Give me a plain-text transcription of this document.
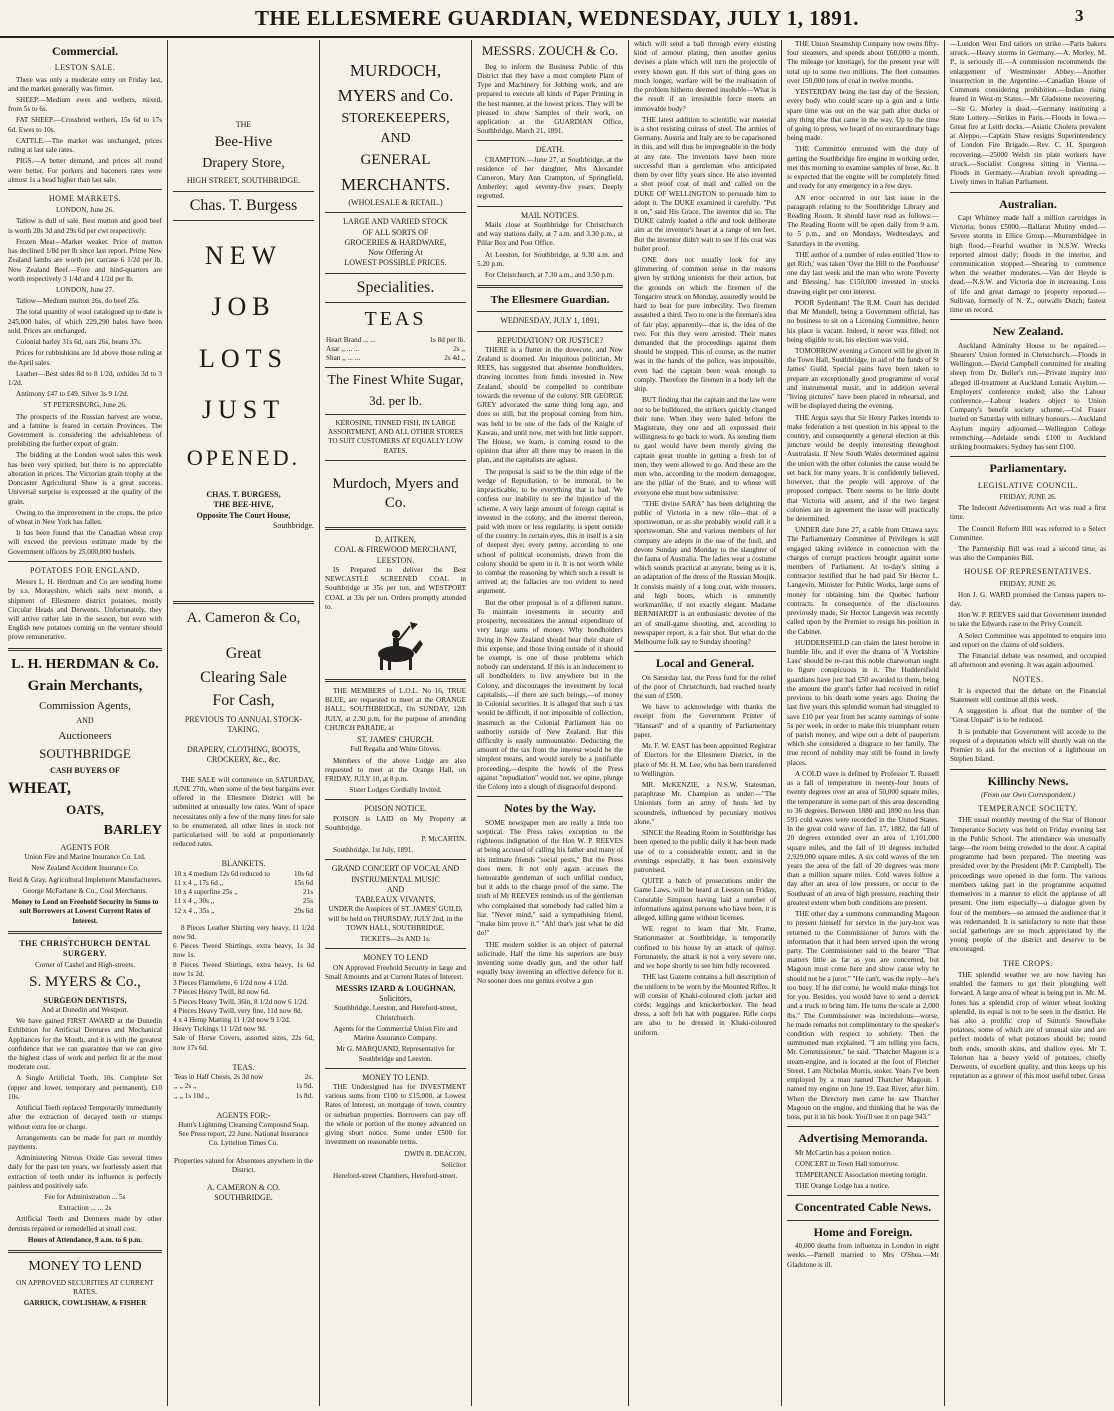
THE ELLESMERE GUARDIAN, WEDNESDAY, JULY 1, 1891.	3
Commercial.
LESTON SALE.

There was only a moderate entry on Friday last, and the market generally was firmer.

SHEEP.—Medium ewes and wethers, mixed, from 5s to 6s.

FAT SHEEP.—Crossbred wethers, 15s 6d to 17s 6d. Ewes to 10s.

CATTLE.—The market was unchanged, prices ruling at last sale rates.

PIGS.—A better demand, and prices all round were better. For porkers and baconers rates were almost 1s a head higher than last sale.

HOME MARKETS.

LONDON, June 26.

Tallow is dull of sale. Best mutton and good beef is worth 28s 3d and 29s 6d per cwt respectively.

Frozen Meat—Market weaker. Price of mutton has declined 1/8d per lb since last report. Prime New Zealand lambs are worth per carcase 6 1/2d per lb. New Zealand Beef.—Fore and hind-quarters are worth respectively 3 1/4d and 4 1/2d per lb.

LONDON, June 27.

Tallow—Medium mutton 26s, do beef 25s.

The total quantity of wool catalogued up to date is 245,000 bales, of which 229,290 bales have been sold. Prices are unchanged.

Colonial barley 31s 6d, oats 26s, beans 37s.

Prices for rubbishkins are 1d above those ruling at the April sales.

Leather—Best sides 8d to 8 1/2d, oxhides 3d to 3 1/2d.

Antimony £47 to £49. Silver 3s 9 1/2d.

ST PETERSBURG, June 26.

The prospects of the Russian harvest are worse, and a famine is feared in certain Provinces. The Government is considering the advisableness of prohibiting the further export of grain.

The bidding at the London wool sales this week has been very spirited; but there is no appreciable alteration in prices. The Victorian grain trophy at the Doncaster Agricultural Show is a great success. Universal surprise is expressed at the quality of the grain.

Owing to the improvement in the crops, the price of wheat in New York has fallen.

It has been found that the Canadian wheat crop will exceed the previous estimate made by the Government officers by 25,000,000 bushels.

POTATOES FOR ENGLAND.

Messrs L. H. Herdman and Co are sending home by s.s. Morayshire, which sails next month, a shipment of Ellesmere district potatoes, mostly Circular Heads and Derwents. Unfortunately, they will arrive rather late in the season, but even with English new potatoes coming on the venture should prove remunerative.

L. H. HERDMAN & Co.
Grain Merchants,
Commission Agents,
AND
Auctioneers
SOUTHBRIDGE
CASH BUYERS OF
WHEAT,
OATS,
BARLEY
AGENTS FOR

Union Fire and Marine Insurance Co. Ltd.

New Zealand Accident Insurance Co.

Reid & Gray, Agricultural Implement Manufacturers.

George McFarlane & Co., Coal Merchants.

Money to Lend on Freehold Security in Sums to suit Borrowers at Lowest Current Rates of Interest.

THE CHRISTCHURCH DENTAL SURGERY.

Corner of Cashel and High-streets.

S. MYERS & Co.,
SURGEON DENTISTS,

And at Dunedin and Westport.

We have gained FIRST AWARD at the Dunedin Exhibition for Artificial Dentures and Mechanical Appliances for the Mouth, and it is with the greatest confidence that we can guarantee that we can give the highest class of work and perfect fit at the most moderate cost.

A Single Artificial Tooth, 10s. Complete Set (upper and lower, temporary and permanent), £10 10s.

Artificial Teeth replaced Temporarily immediately after the extraction of decayed teeth or stumps without extra fee or charge.

Arrangements can be made for part or monthly payments.

Administering Nitrous Oxide Gas several times daily for the past ten years, we fearlessly assert that extraction of teeth under its influence is perfectly painless and positively safe.

Fee for Administration ... 5s

Extraction ... ... 2s

Artificial Teeth and Dentures made by other dentists repaired or remodelled at small cost.

Hours of Attendance, 9 a.m. to 6 p.m.

MONEY TO LEND

ON APPROVED SECURITIES AT CURRENT RATES.

GARRICK, COWLISHAW, & FISHER

THE
Bee-Hive
Drapery Store,
HIGH STREET, SOUTHBRIDGE.
Chas. T. Burgess
NEW
JOB
LOTS
JUST
OPENED.
CHAS. T. BURGESS,
THE BEE-HIVE,
Opposite The Court House,
Southbridge.
A. Cameron & Co,
Great
Clearing Sale
For Cash,
PREVIOUS TO ANNUAL STOCK-TAKING.
DRAPERY, CLOTHING, BOOTS, CROCKERY, &c., &c.

THE SALE will commence on SATURDAY, JUNE 27th, when some of the best bargains ever offered in the Ellesmere District will be submitted at unusually low rates. Want of space necessitates only a few of the many lines for sale to be enumerated, all other lines in stock not particularised will be sold at proportionately reduced rates.

BLANKETS.
10 x 4 medium 12s 6d reduced to	10s 6d
11 x 4 ,, 17s 6d ,,	15s 6d
10 x 4 superfine 25s ,,	21s
11 x 4 ,, 30s ,,	25s
12 x 4 ,, 35s ,,	29s 6d

8 Pieces Leather Shirting very heavy, 11 1/2d now 9d.
6 Pieces Tweed Shirtings, extra heavy, 1s 3d now 1s.
8 Pieces Tweed Shirtings, extra heavy, 1s 6d now 1s 2d.
3 Pieces Flannelette, 6 1/2d now 4 1/2d.
7 Pieces Heavy Twill, 8d now 6d.
5 Pieces Heavy Twill, 36in, 8 1/2d now 6 1/2d.
4 Pieces Heavy Twill, very fine, 11d now 8d.
4 x 4 Hemp Matting 11 1/2d now 9 1/2d.
Heavy Tickings 11 1/2d now 9d.
Sale of Horse Covers, assorted sizes, 22s 6d, now 17s 6d.

TEAS.
Teas in Half Chests, 2s 3d now	2s.
,, ,, 2s ,,	1s 9d.
,, ,, 1s 10d ,,	1s 8d.
AGENTS FOR:-

Hunt's Lightning Cleansing Compound Soap. See Press report, 22 June. National Insurance Co. Lyttelton Times Co.

Properties valued for Absentees anywhere in the District.

A. CAMERON & CO.
SOUTHBRIDGE.
MURDOCH,
MYERS and Co.
STOREKEEPERS,
AND
GENERAL
MERCHANTS.
(WHOLESALE & RETAIL.)
LARGE AND VARIED STOCK
OF ALL SORTS OF
GROCERIES & HARDWARE,
Now Offering At
LOWEST POSSIBLE PRICES.
Specialities.
TEAS
Heart Brand ... ...	1s 8d per lb.
Asar ,, ... ...	2s ,,
Shan ,, ... ...	2s 4d ,,
The Finest White Sugar,
3d. per lb.

KEROSINE, TINNED FISH, IN LARGE ASSORTMENT, AND ALL OTHER STORES TO SUIT CUSTOMERS AT EQUALLY LOW RATES.

Murdoch, Myers and Co.
D. AITKEN,
COAL & FIREWOOD MERCHANT,
LEESTON.

IS Prepared to deliver the Best NEWCASTLE SCREENED COAL in Southbridge at 35s per ton, and WESTPORT COAL at 33s per ton. Orders promptly attended to.

THE MEMBERS of L.O.L. No 16, TRUE BLUE, are requested to meet at the ORANGE HALL, SOUTHBRIDGE, On SUNDAY, 12th JULY, at 2.30 p.m. for the purpose of attending CHURCH PARADE, at

ST. JAMES' CHURCH.

Full Regalia and White Gloves.

Members of the above Lodge are also requested to meet at the Orange Hall, on FRIDAY, JULY 10, at 8 p.m.

Sister Lodges Cordially Invited.

POISON NOTICE.

POISON is LAID on My Property at Southbridge.

P. McCARTIN.

Southbridge, 1st July, 1891.

GRAND CONCERT OF VOCAL AND INSTRUMENTAL MUSIC
AND
TABLEAUX VIVANTS,

UNDER the Auspices of ST. JAMES' GUILD, will be held on THURSDAY, JULY 2nd, in the TOWN HALL, SOUTHBRIDGE.

TICKETS—2s AND 1s.

MONEY TO LEND

ON Approved Freehold Security in large and Small Amounts and at Current Rates of Interest.

MESSRS IZARD & LOUGHNAN,
Solicitors,

Southbridge, Leeston, and Hereford-street, Christchurch.

Agents for the Commercial Union Fire and Marine Assurance Company.

Mr G. MARQUAND, Representative for Southbridge and Leeston.

MONEY TO LEND.

THE Undersigned has for INVESTMENT various sums from £100 to £15,000, at Lowest Rates of Interest, on mortgage of town, country or suburban properties. Borrowers can pay off the whole or portion of the money advanced on giving short notice. Some under £500 for investment on reasonable terms.

DWIN R. DEACON,

Solicitor

Hereford-street Chambers, Hereford-street.

MESSRS. ZOUCH & Co.

Beg to inform the Business Public of this District that they have a most complete Plant of Type and Machinery for Jobbing work, and are prepared to execute all kinds of Paper Printing in the best manner, at the lowest prices. They will be pleased to show Samples of their work, on application at the GUARDIAN Office, Southbridge, March 21, 1891.

DEATH.

CRAMPTON.—June 27, at Southbridge, at the residence of her daughter, Mrs Alexander Cameron, Mary Ann Crampton, of Springfield, Amberley; aged seventy-five years. Deeply regretted.

MAIL NOTICES.

Mails close at Southbridge for Christchurch and way stations daily, at 7 a.m. and 3.30 p.m., at Pillar Box and Post Office.

At Leeston, for Southbridge, at 9.30 a.m. and 5.20 p.m.

For Christchurch, at 7.30 a.m., and 3.50 p.m.

The Ellesmere Guardian.
WEDNESDAY, JULY 1, 1891.
REPUDIATION? OR JUSTICE?

THERE is a flutter in the dovecote, and New Zealand is doomed. An iniquitous politician, Mr REES, has suggested that absentee bondholders, drawing incomes from funds invested in New Zealand, should be compelled to contribute towards the revenue of the colony. SIR GEORGE GREY advocated the same thing long ago, and does so still, but the proposal coming from him, was held to be one of the fads of the Knight of Kawau, and until now, met with but little support. The House, we learn, is coming round to the opinion that after all there may be reason in the plan, and the capitalists are aghast.

The proposal is said to be the thin edge of the wedge of Repudiation, to be immoral, to be impracticable, to be everything that is bad. We confess our inability to see the injustice of the scheme. A very large amount of foreign capital is invested in the colony, and the interest thereon, paid with more or less regularity, is spent outside of the country. In certain eyes, this in itself is a sin of deepest dye; every penny, according to one school of political economists, drawn from the colony should be spent in it. It is not worth while to combat the reasoning by which such a result is arrived at; the fallacies are too evident to need argument.

But the other proposal is of a different nature. To maintain investments in security and prosperity, necessitates the annual expenditure of very large sums of money. Why bondholders living in New Zealand should bear their share of this expense, and those living outside of it should be exempt, is one of those problems which nobody can understand. If this is an inducement to all bondholders to live anywhere but in the Colony, and discourages the investment by local capitalists,—if there are such beings,—of money in Colonial securities. It is alleged that such a tax would be difficult, if not impossible of collection, inasmuch as the Colonial Parliament has no authority outside of New Zealand. But this difficulty is easily surmountable. Deducting the amount of the tax from the interest would be the simplest means, and would surely be a justifiable proceeding,—despite the howls of the Press against "repudiation" would not, we opine, plunge the Colony into a slough of disgraceful despond.

Notes by the Way.

SOME newspaper men are really a little too sceptical. The Press takes exception to the righteous indignation of the Hon W. P. REEVES at being accused of calling his father and many of his intimate friends "social pests," But the Press does mere. It not only again accuses the honourable gentleman of such unfilial conduct, but it adds to the charge proof of the same. The truth of Mr REEVES reminds us of the gentleman who complained that somebody had called him a liar. "Never mind," said a sympathising friend, "make him prove it." "Ah! that's just what he did do!"

THE modern soldier is an object of paternal solicitude. Half the time his superiors are busy inventing some deadly gun, and the other half equally busy inventing an effective defence for it. No sooner does one genius evolve a gun

which will send a ball through every existing kind of armour plating, then another genius devises a plate which will turn the projectile of every known gun. If this sort of thing goes on much longer, warfare will be the realisation of the problem hitherto deemed insoluble—What is the result if an irresistible force meets an immovable body?

THE latest addition to scientific war material is a shot resisting cuirass of steel. The armies of Germany, Austria and Italy are to be caparisoned in this, and will thus be impregnable in the body at any rate. The inventors have been more successful than a gentleman who anticipated them by over fifty years since. He also invented a shot proof coat of mail and called on the DUKE OF WELLINGTON to persuade him to adopt it. The DUKE examined it carefully. "Put it on," said His Grace. The inventor did so. The DUKE calmly loaded a rifle and took deliberate aim at the inventor's heart at a range of ten feet. But the inventor didn't wait to see if his coat was bullet proof.

ONE does not usually look for any glimmering of common sense in the reasons given by striking unionists for their action, but the grounds on which the firemen of the Tongariro struck on Monday, assuredly would be hard to beat for pure imbecility. Two firemen assaulted a third. Two to one is the fireman's idea of fair play, apparently—that is, the idea of the two. For this they were arrested. Their mates demanded that the proceedings against them should be stopped. This of course, as the matter was in the hands of the police, was impossible, even had the captain been weak enough to comply. Therefore the firemen in a body left the ship.

BUT finding that the captain and the law were not to be bulldozed, the strikers quickly changed their tune. When they were haled before the Magistrate, they one and all expressed their willingness to go back to work. As sending them to gaol would have been merely giving the captain great trouble in getting a fresh lot of men, they were allowed to go. And these are the men who, according to the modern demagogue, are the pillar of the State, and to whose will everyone else must bow submissive.

"THE divine SARA" has been delighting the public of Victoria in a new rôle—that of a sportswoman, or as she probably would call it a sportswoman. She and various members of her company are adepts in the use of the fusil, and devote Sunday and Monday to the slaughter of the fauna of Australia. The ladies wear a costume which sounds practical at anyrate, being as it is, an adaptation of the dress of the Russian Moujik. It consists mainly of a long coat, wide trousers, and high boots, which is eminently workmanlike, if not exactly elegant. Madame BERNHARDT is an enthusiastic devotee of the art of small-game shooting, and, according to newspaper report, is a fair shot. But what do the Melbourne folk say to Sunday shooting?

Local and General.

On Saturday last, the Press fund for the relief of the poor of Christchurch, had reached nearly the sum of £500.

We have to acknowledge with thanks the receipt from the Government Printer of "Hansard" and of a quantity of Parliamentary paper.

Mr. F. W. EAST has been appointed Registrar of Electors for the Ellesmere District, in the place of Mr. H. M. Lee, who has been transferred to Wellington.

MR. McKENZIE, a N.S.W. Statesman, paraphrase Mr. Champion as under:—"The Unionists form an army of hosts led by scoundrels, influenced by pecuniary motives alone."

SINCE the Reading Room in Southbridge has been opened to the public daily it has been made use of to a considerable extent, and in the evenings especially, it has been extensively patronised.

QUITE a batch of prosecutions under the Game Laws, will be heard at Leeston on Friday, Constable Simpson having laid a number of informations against persons who have been, it is alleged, killing game without licenses.

WE regret to learn that Mr. Frame, Stationmaster at Southbridge, is temporarily confined to his house by an attack of quinsy. Fortunately, the attack is not a very severe one, and we hope shortly to see him fully recovered.

THE last Gazette contains a full description of the uniform to be worn by the Mounted Rifles. It will consist of Khaki-coloured cloth jacket and cords; leggings and knickerbocker. The head dress, a soft felt hat with puggaree. Rifle corps are also to be dressed in Khaki-coloured uniform.

THE Union Steamship Company now owns fifty-four steamers, and spends about £60,000 a month. The mileage (or knottage), for the present year will total up to some two millions. The fleet consumes over 150,000 tons of coal in twelve months.

YESTERDAY being the last day of the Session, every body who could scare up a gun and a little spare time was out on the war path after ducks or any thing else that came in the way. Up to the time of going to press, we heard of no extraordinary bags being made.

THE Committee entrusted with the duty of getting the Southbridge fire engine in working order, met this morning to examine samples of hose, &c. It is expected that the engine will be completely fitted and ready for any emergency in a few days.

AN error occurred in our last issue in the paragraph relating to the Southbridge Library and Reading Room. It should have read as follows:—The Reading Room will be open daily from 9 a.m. to 5 p.m., and on Mondays, Wednesdays, and Saturdays in the evening.

THE author of a number of rules entitled 'How to get Rich,' was taken 'Over the Hill to the Poorhouse' one day last week and the man who wrote 'Poverty and Blessing,' has £150,000 invested in stocks drawing eight per cent interest.

POOR Sydenham! The R.M. Court has decided that Mr Mundell, being a Government official, has no business to sit on a Licensing Committee, hence his place is vacant. Indeed, it never was filled; not being eligible to sit, his election was void.

TOMORROW evening a Concert will be given in the Town Hall, Southbridge, in aid of the funds of St James' Guild. Special pains have been taken to prepare an exceptionally good programme of vocal and instrumental music, and in addition several "living pictures" have been placed in rehearsal, and will be displayed during the evening.

THE Argus says that Sir Henry Parkes intends to make federation a test question in his appeal to the country, and consequently a general election at this juncture would be deeply interesting throughout Australasia. If New South Wales determined against the union with the other colonies the cause would be set back for many years. It is confidently believed, however, that the people will approve of the proposed compact. There seems to be little doubt that Victoria will assent, and if the two largest colonies are in agreement the issue will practically be determined.

UNDER date June 27, a cable from Ottawa says: The Parliamentary Committee of Privileges is still engaged taking evidence in connection with the charges of corrupt practices brought against some members of Parliament. At to-day's sitting a contractor testified that he had paid Sir Hector L. Langevin, Minister for Public Works, large sums of money for obtaining him the Quebec harbour contracts. In consequence of the disclosures previously made, Sir Hector Langevin was recently called upon by the Premier to resign his position in the Cabinet.

HUDDERSFIELD can claim the latest heroine in humble life, and if ever the drama of 'A Yorkshire Lass' should be re-cast this noble charwoman ought to figure conspicuous in it. The Huddersfield guardians have just had £50 awarded to them, being the amount the grant's father had received in relief previous to his death some years ago. During the last five years this splendid woman had struggled to save £10 per year from her scanty earnings of some 5s per week, in order to make this triumphant return of parish money, and wipe out a debt of pauperism which she considered a disgrace to her family. The true record of nobility may still be found in lowly places.

A COLD wave is defined by Professor T. Russell as a fall of temperature in twenty-four hours of twenty degrees over an area of 50,000 square miles, the temperature in some part of this area descending to 36 degrees. Between 1880 and 1890 no less than 591 cold waves were recorded in the United States. In the great cold wave of Jan. 17, 1882, the fall of 20 degrees extended over an area of 1,101,000 square miles, and the fall of 10 degrees included 2,929,000 square miles. A six cold waves of the ten years the area of the fall of 20 degrees was more than a million square miles. Cold waves follow a day after an area of low pressure, or occur to the Southeast of an area of high pressure, reaching their greatest extent when both conditions are present.

THE other day a summons commanding Magoun to present himself for service in the jury-box was returned to the Commissioner of Jurors with the information that it had been served upon the wrong party. The Commissioner said to the bearer "That matters little as far as you are concerned, but Magoun must come here and show cause why he should not be a juror." "He can't, was the reply—he's too busy. If he did come, he would make things hot for you. Besides, you would have to send a derrick and a truck to bring him. He turns the scale at 2,000 lbs." The Commissioner was incredulous—worse, he made remarks not complimentary to the speaker's condition with respect to sobriety. Then the summoned man explained. "I am telling you facts, Mr. Commissioner," he said. "Thatcher Magoun is a steam-engine, and is located at the foot of Fletcher Street. I am Nicholas Morris, stoker. Years I've been employed by a man named Thatcher Magoun. I named my engine on June 19. East River, after him. When the Directory men came he saw Thatcher Magoun on the engine, and thinking that he was the boss, put it in his book. You'll see it on page 943."

Advertising Memoranda.

Mr McCartin has a poison notice.

CONCERT in Town Hall tomorrow.

TEMPERANCE Association meeting tonight.

THE Orange Lodge has a notice.

Concentrated Cable News.
Home and Foreign.

40,000 deaths from influenza in London in eight weeks.—Parnell married to Mrs O'Shea.—Mr Gladstone is ill.

—London West End tailors on strike.—Paris bakers struck.—Heavy storms in Germany.—A. Morley, M. P., is seriously ill.—A commission recommends the enlargement of Westminster Abbey.—Another insurrection in the Argentine.—Canadian House of Commons considering prohibition.—Indian rising feared in West-rn States.—Mr Gladstone recovering.—Sir G. Morley is dead.—Germany instituting a State Lottery.—Strikes in Paris.—Floods in Iowa.—Great fire at Leith docks.—Asiatic Cholera prevalent at Aleppo.—Captain Shaw resigns Superintendency of London Fire Brigade.—Rev. C. H. Spurgeon recovering.—25000 Welsh tin plate workers have struck.—Socialist Congress sitting in Vienna.—Floods in Germany.—Arabian revolt spreading.—Lively times in Italian Parliament.

Australian.

Capt Whitney made half a million cartridges in Victoria; bonus £5000.—Ballarat Mutiny ended.—Severe storms in Ellice Group.—Murrumbidgee in high flood.—Fearful weather in N.S.W. Wrecks reported almost daily; floods in the interior, and communication stopped.—Shearing to commence when the weather moderates.—Van der Heyde is dead.—N.S.W. and Victoria doe in increasing. Loss of life and great damage to property reported.—Sullivan, formerly of N. Z., outwalls Dutch; fastest time on record.

New Zealand.

Auckland Admiralty House to be repaired.—Shearers' Union formed in Christchurch.—Floods in Wellington.—David Campbell committed for stealing sheep from Dr. Buller's run.—Private inquiry into alleged ill-treatment at Auckland Lunatic Asylum.—Employers' conference ended; also the Labour conference.—Labour leaders object to Union Company's benefit society scheme.—Col Fraser buried on Saturday with military honours.—Auckland Asylum inquiry adjourned.—Wellington College retrenching.—Adelaide sends £100 to Auckland striking bootmakers; Sydney has sent £100.

Parliamentary.
LEGISLATIVE COUNCIL.

FRIDAY, JUNE 26.

The Indecent Advertisements Act was read a first time.

The Council Reform Bill was referred to a Select Committee.

The Partnership Bill was read a second time, as was also the Companies Bill.

HOUSE OF REPRESENTATIVES.

FRIDAY, JUNE 26.

Hon J. G. WARD promised the Census papers to-day.

Hon W. P. REEVES said that Government intended to take the Edwards case to the Privy Council.

A Select Committee was appointed to enquire into and report on the claims of old soldiers.

The Financial debate was resumed, and occupied all afternoon and evening. It was again adjourned.

NOTES.

It is expected that the debate on the Financial Statement will continue all this week.

A suggestion is afloat that the number of the "Great Unpaid" is to be reduced.

It is probable that Government will accede to the request of a deputation which will shortly wait on the Premier to ask for the erection of a lighthouse on Stephen Island.

Killinchy News.

(From our Own Correspondent.)

TEMPERANCE SOCIETY.

THE usual monthly meeting of the Star of Honour Temperance Society was held on Friday evening last in the Public School. The attendance was unusually large—the room being crowded to the door. A capital programme had been prepared. The meeting was presided over by the President (Mr P. Campbell). The proceedings were opened in due form. The various members taking part in the programme acquitted themselves in a manner to elicit the applause of all present. One item especially—a dialogue given by four of the members—so amused the audience that it was redemanded. It is satisfactory to note that these social gatherings are so much appreciated by the young people of the district and deserve to be encouraged.

THE CROPS.

THE splendid weather we are now having has enabled the farmers to get their ploughing well forward. A large area of wheat is being put in. Mr. M. Jones has a splendid crop of winter wheat looking splendid, its equal is not to be seen in the district. He has also a prolific crop of Sutton's Snowflake potatoes, some of which are of unusual size and are perfect models of what potatoes should be; round both ends, smooth skins, and shallow eyes. Mr T. Telerton has a heavy yield of potatoes, chiefly Derwents, of excellent quality, and thus keeps up his reputation as a grower of this most useful tuber. Grass
